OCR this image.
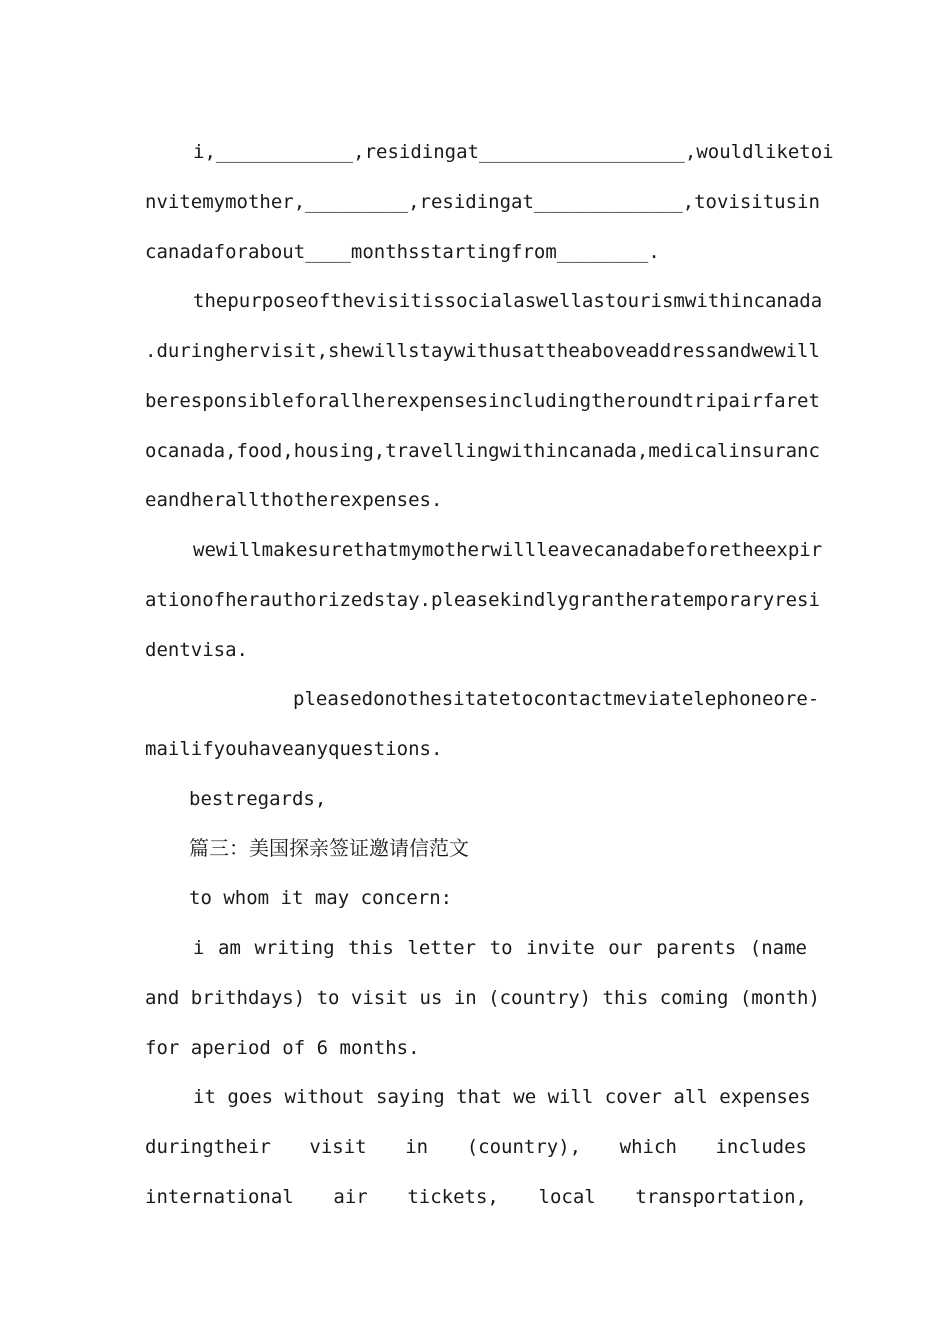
i,____________,residingat__________________,wouldliketoi
nvitemymother,_________,residingat_____________,tovisitusin
canadaforabout____monthsstartingfrom________.
thepurposeofthevisitissocialaswellastourismwithincanada
.duringhervisit,shewillstaywithusattheaboveaddressandwewill
beresponsibleforallherexpensesincludingtheroundtripairfaret
ocanada,food,housing,travellingwithincanada,medicalinsuranc
eandherallthotherexpenses.
wewillmakesurethatmymotherwillleavecanadabeforetheexpir
ationofherauthorizedstay.pleasekindlygrantheratemporaryresi
dentvisa.
pleasedonothesitatetocontactmeviatelephoneore-
mailifyouhaveanyquestions.
bestregards,
篇三：美国探亲签证邀请信范文
to whom it may concern:
i am writing this letter to invite our parents (name
and brithdays) to visit us in (country) this coming (month)
for aperiod of 6 months.
it goes without saying that we will cover all expenses
duringtheir visit in (country), which includes
international air tickets, local transportation,
